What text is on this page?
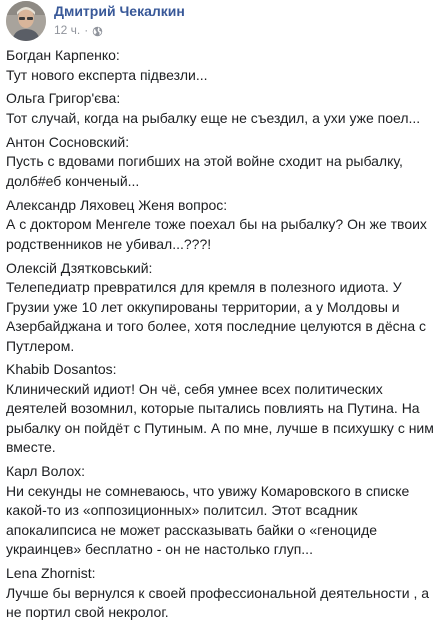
Дмитрий Чекалкин
12 ч. ·
Богдан Карпенко:
Тут нового експерта підвезли...
Ольга Григор'єва:
Тот случай, когда на рыбалку еще не съездил, а ухи уже поел...
Антон Сосновский:
Пусть с вдовами погибших на этой войне сходит на рыбалку, долб#еб конченый...
Александр Ляховец Женя вопрос:
А с доктором Менгеле тоже поехал бы на рыбалку? Он же твоих родственников не убивал...???!
Олексій Дзятковський:
Телепедиатр превратился для кремля в полезного идиота. У Грузии уже 10 лет оккупированы территории, а у Молдовы и Азербайджана и того более, хотя последние целуются в дёсна с Путлером.
Khabib Dosantos:
Клинический идиот! Он чё, себя умнее всех политических деятелей возомнил, которые пытались повлиять на Путина. На рыбалку он пойдёт с Путиным. А по мне, лучше в психушку с ним вместе.
Карл Волох:
Ни секунды не сомневаюсь, что увижу Комаровского в списке какой-то из «оппозиционных» политсил. Этот всадник апокалипсиса не может рассказывать байки о «геноциде украинцев» бесплатно - он не настолько глуп...
Lena Zhornist:
Лучше бы вернулся к своей профессиональной деятельности , а не портил свой некролог.
